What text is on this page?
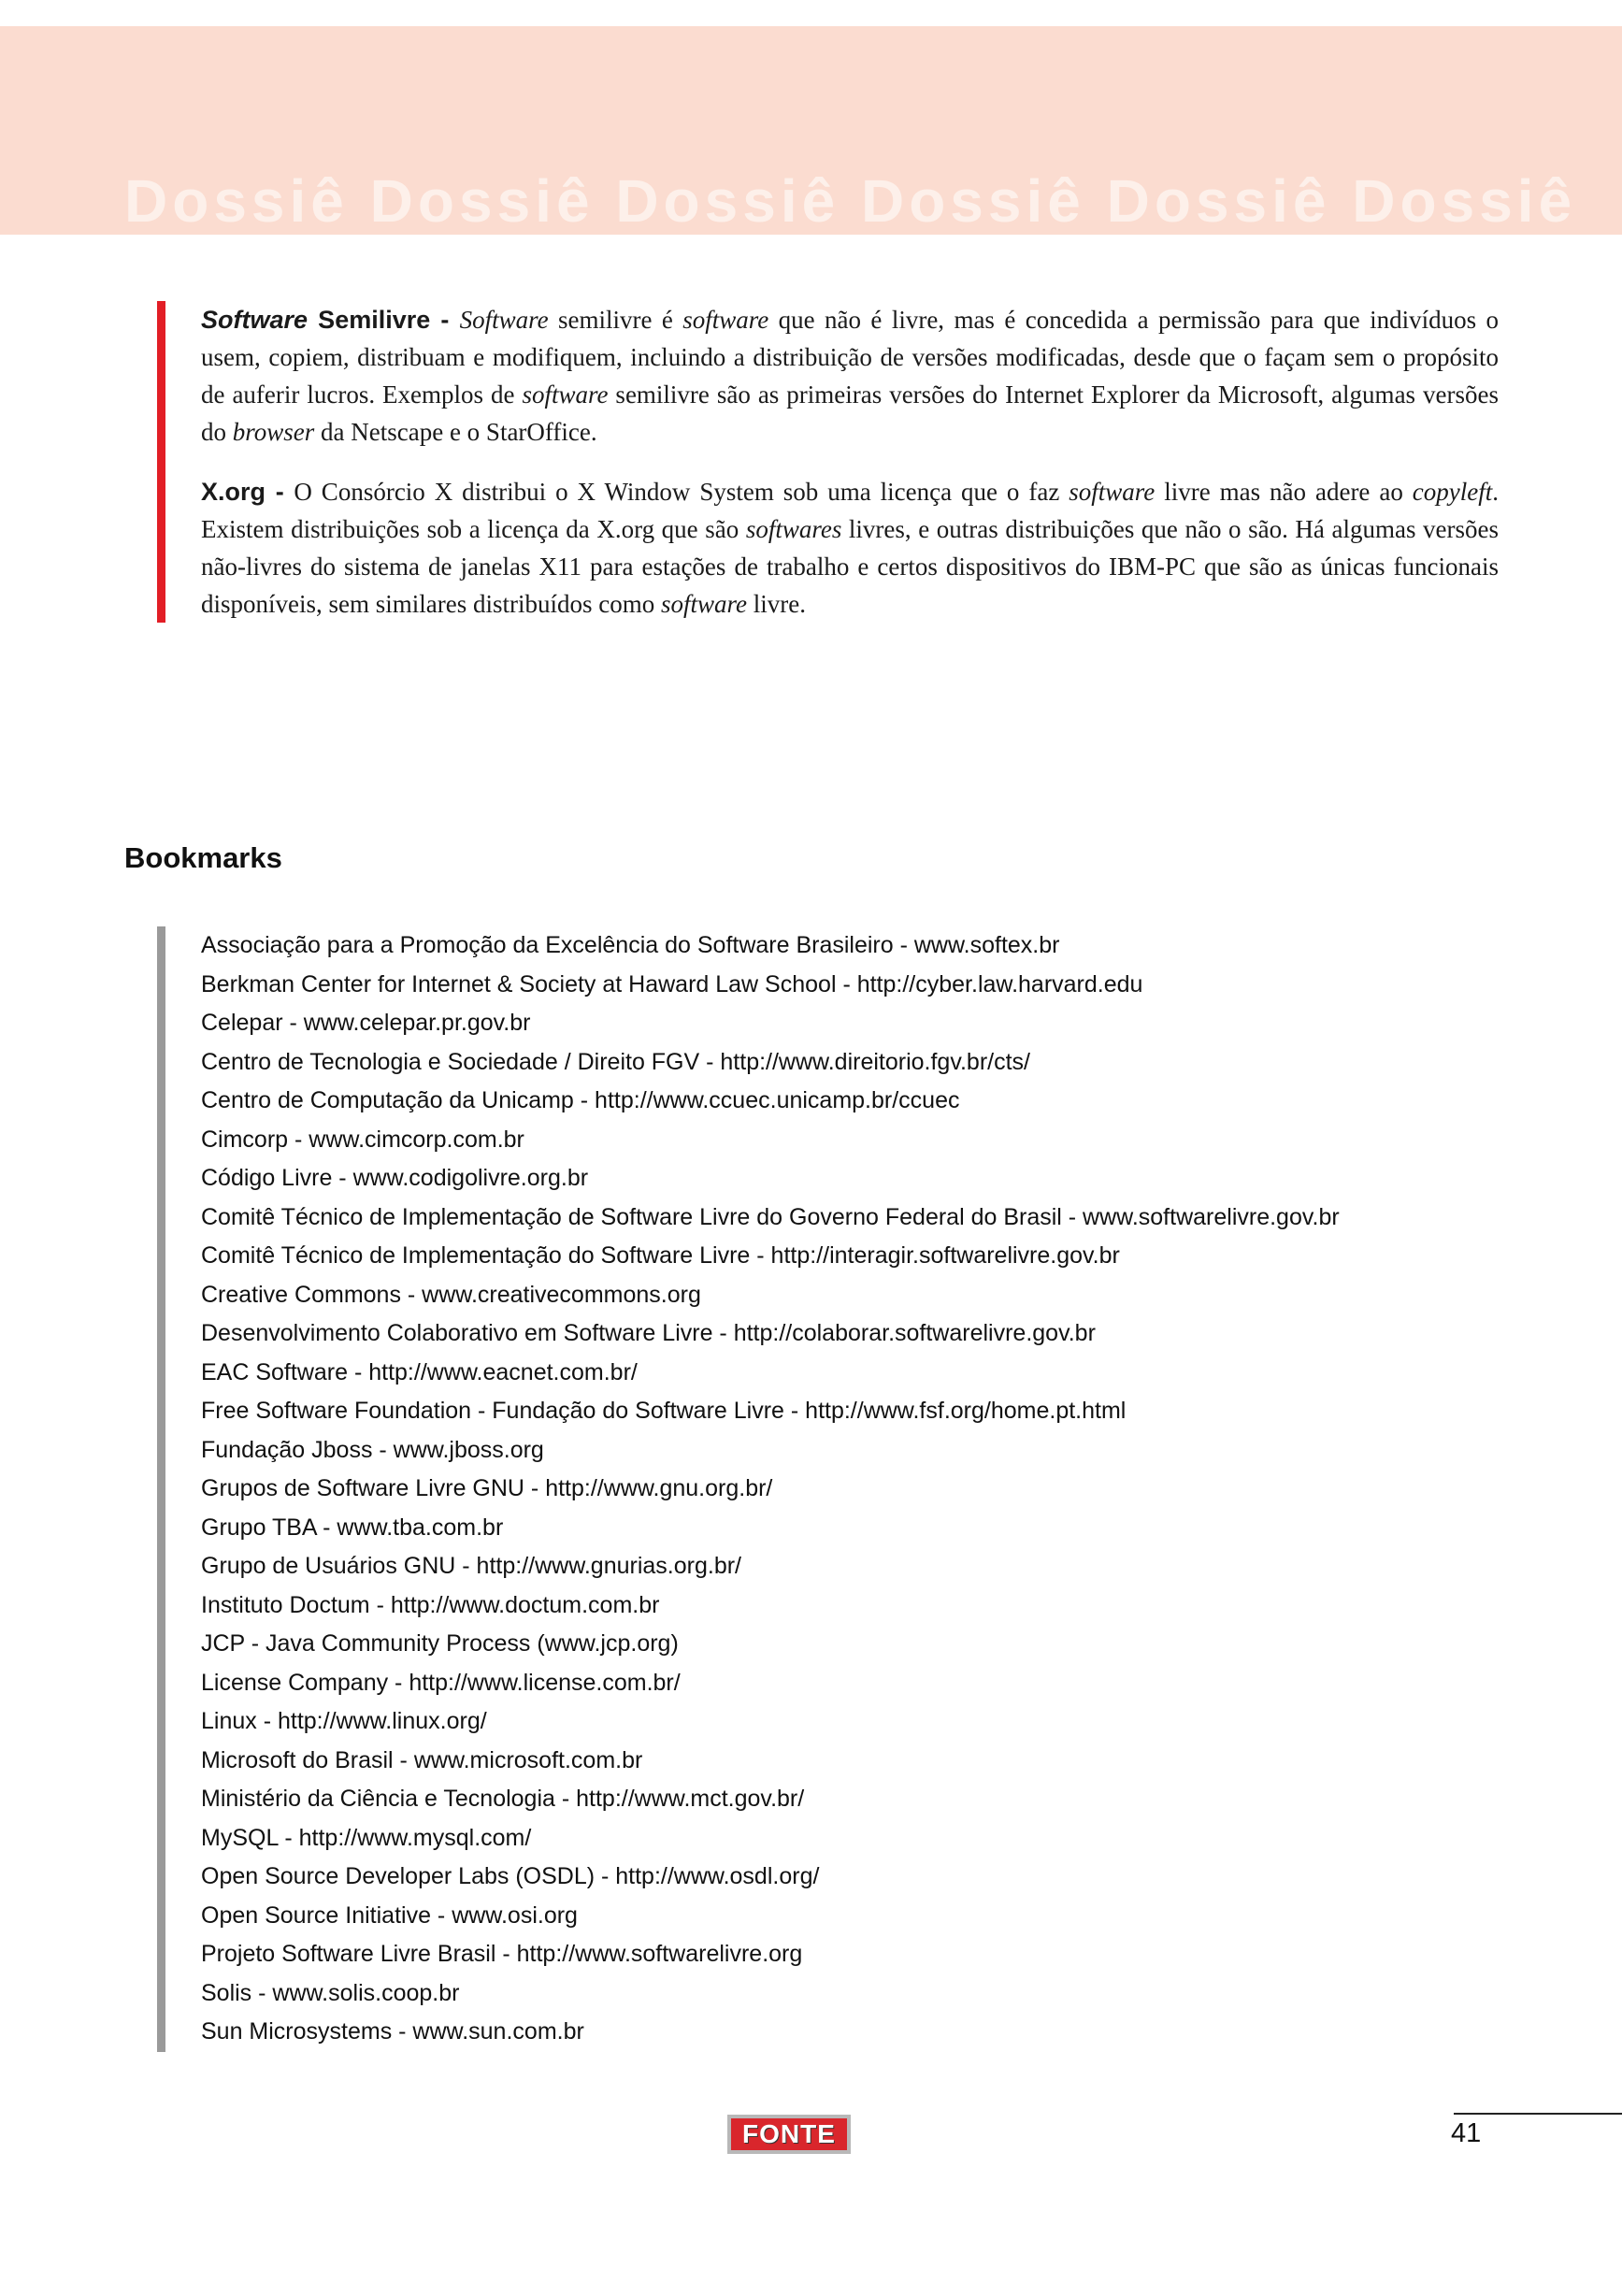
Dossiê Dossiê Dossiê Dossiê Dossiê Dossiê

Software Semilivre - Software semilivre é software que não é livre, mas é concedida a permissão para que indivíduos o usem, copiem, distribuam e modifiquem, incluindo a distribuição de versões modificadas, desde que o façam sem o propósito de auferir lucros. Exemplos de software semilivre são as primeiras versões do Internet Explorer da Microsoft, algumas versões do browser da Netscape e o StarOffice.

X.org - O Consórcio X distribui o X Window System sob uma licença que o faz software livre mas não adere ao copyleft. Existem distribuições sob a licença da X.org que são softwares livres, e outras distribuições que não o são. Há algumas versões não-livres do sistema de janelas X11 para estações de trabalho e certos dispositivos do IBM-PC que são as únicas funcionais disponíveis, sem similares distribuídos como software livre.

Bookmarks
Associação para a Promoção da Excelência do Software Brasileiro - www.softex.br
Berkman Center for Internet & Society at Haward Law School - http://cyber.law.harvard.edu
Celepar - www.celepar.pr.gov.br
Centro de Tecnologia e Sociedade / Direito FGV - http://www.direitorio.fgv.br/cts/
Centro de Computação da Unicamp - http://www.ccuec.unicamp.br/ccuec
Cimcorp - www.cimcorp.com.br
Código Livre - www.codigolivre.org.br
Comitê Técnico de Implementação de Software Livre do Governo Federal do Brasil - www.softwarelivre.gov.br
Comitê Técnico de Implementação do Software Livre - http://interagir.softwarelivre.gov.br
Creative Commons - www.creativecommons.org
Desenvolvimento Colaborativo em Software Livre - http://colaborar.softwarelivre.gov.br
EAC Software - http://www.eacnet.com.br/
Free Software Foundation - Fundação do Software Livre - http://www.fsf.org/home.pt.html
Fundação Jboss - www.jboss.org
Grupos de Software Livre GNU - http://www.gnu.org.br/
Grupo TBA - www.tba.com.br
Grupo de Usuários GNU - http://www.gnurias.org.br/
Instituto Doctum - http://www.doctum.com.br
JCP - Java Community Process (www.jcp.org)
License Company - http://www.license.com.br/
Linux - http://www.linux.org/
Microsoft do Brasil - www.microsoft.com.br
Ministério da Ciência e Tecnologia - http://www.mct.gov.br/
MySQL - http://www.mysql.com/
Open Source Developer Labs (OSDL) - http://www.osdl.org/
Open Source Initiative - www.osi.org
Projeto Software Livre Brasil - http://www.softwarelivre.org
Solis - www.solis.coop.br
Sun Microsystems - www.sun.com.br
FONTE	41
